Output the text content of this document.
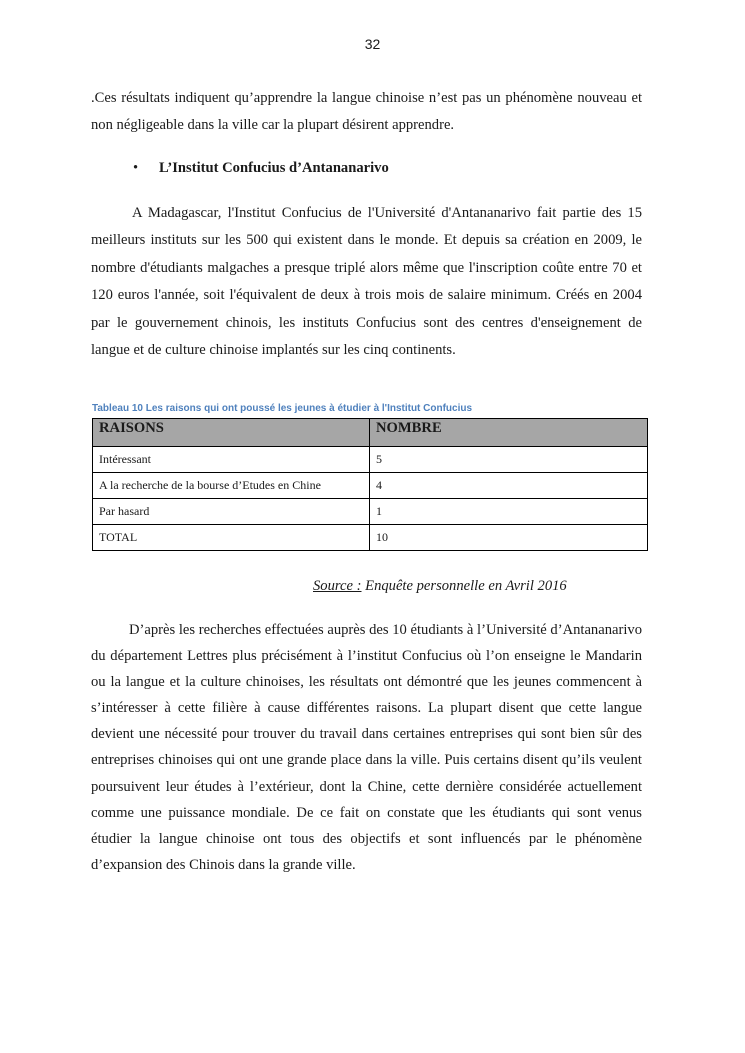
32

.Ces résultats indiquent qu’apprendre la langue chinoise n’est pas un phénomène nouveau et non négligeable dans la ville car la plupart désirent apprendre.

• L’Institut Confucius d’Antananarivo

A Madagascar, l'Institut Confucius de l'Université d'Antananarivo fait partie des 15 meilleurs instituts sur les 500 qui existent dans le monde. Et depuis sa création en 2009, le nombre d'étudiants malgaches a presque triplé alors même que l'inscription coûte entre 70 et 120 euros l'année, soit l'équivalent de deux à trois mois de salaire minimum. Créés en 2004 par le gouvernement chinois, les instituts Confucius sont des centres d'enseignement de langue et de culture chinoise implantés sur les cinq continents.

Tableau 10 Les raisons qui ont poussé les jeunes à étudier à l'Institut Confucius
RAISONS	NOMBRE
Intéressant	5
A la recherche de la bourse d’Etudes en Chine	4
Par hasard	1
TOTAL	10
Source : Enquête personnelle en Avril 2016

D’après les recherches effectuées auprès des 10 étudiants à l’Université d’Antananarivo du département Lettres plus précisément à l’institut Confucius où l’on enseigne le Mandarin ou la langue et la culture chinoises, les résultats ont démontré que les jeunes commencent à s’intéresser à cette filière à cause différentes raisons. La plupart disent que cette langue devient une nécessité pour trouver du travail dans certaines entreprises qui sont bien sûr des entreprises chinoises qui ont une grande place dans la ville. Puis certains disent qu’ils veulent poursuivent leur études à l’extérieur, dont la Chine, cette dernière considérée actuellement comme une puissance mondiale. De ce fait on constate que les étudiants qui sont venus étudier la langue chinoise ont tous des objectifs et sont influencés par le phénomène d’expansion des Chinois dans la grande ville.
